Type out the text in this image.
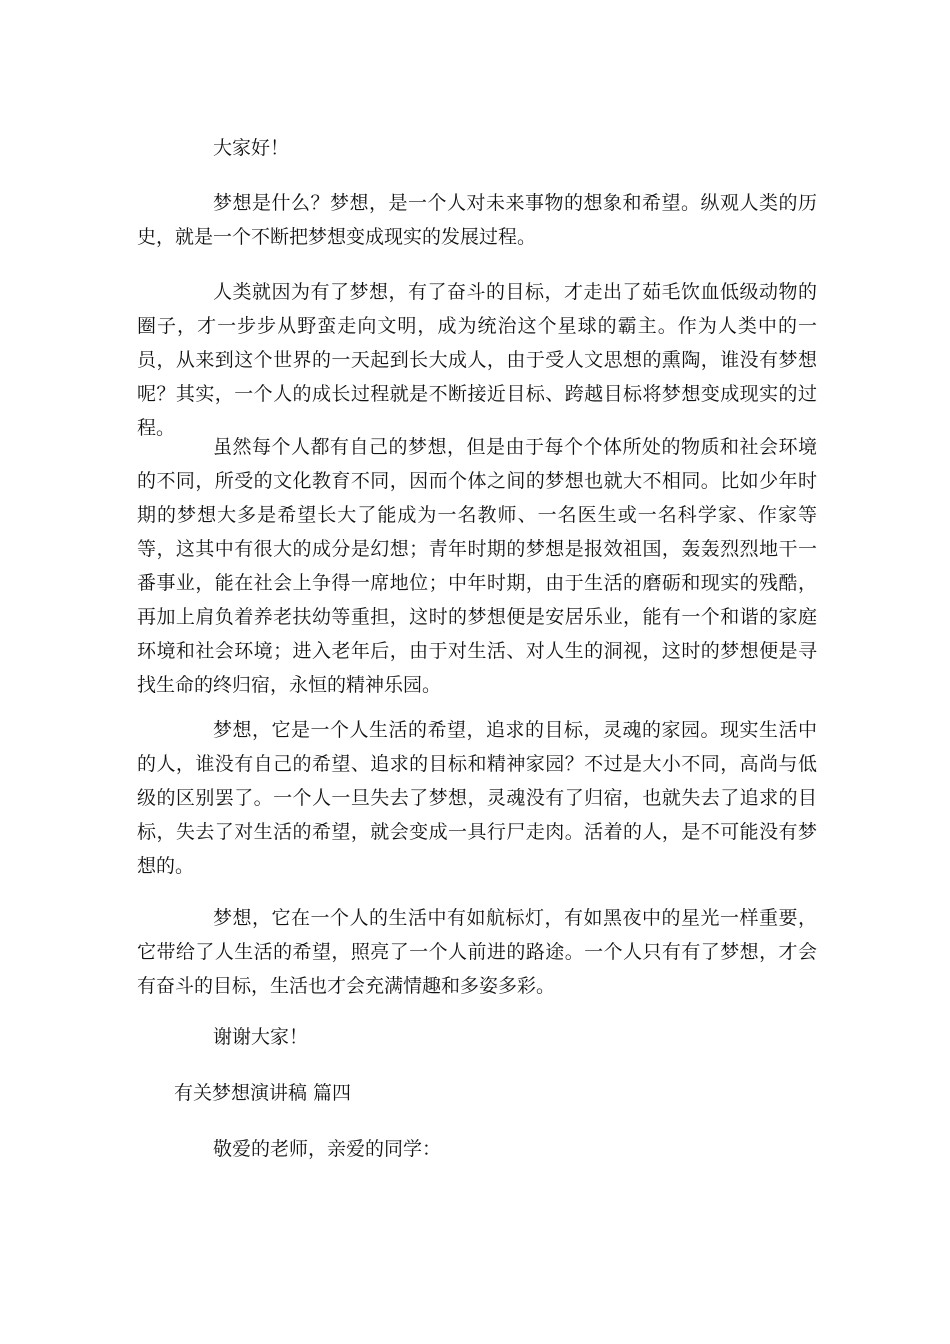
大家好！

梦想是什么？梦想，是一个人对未来事物的想象和希望。纵观人类的历史，就是一个不断把梦想变成现实的发展过程。

人类就因为有了梦想，有了奋斗的目标，才走出了茹毛饮血低级动物的圈子，才一步步从野蛮走向文明，成为统治这个星球的霸主。作为人类中的一员，从来到这个世界的一天起到长大成人，由于受人文思想的熏陶，谁没有梦想呢？其实，一个人的成长过程就是不断接近目标、跨越目标将梦想变成现实的过程。

虽然每个人都有自己的梦想，但是由于每个个体所处的物质和社会环境的不同，所受的文化教育不同，因而个体之间的梦想也就大不相同。比如少年时期的梦想大多是希望长大了能成为一名教师、一名医生或一名科学家、作家等等，这其中有很大的成分是幻想；青年时期的梦想是报效祖国，轰轰烈烈地干一番事业，能在社会上争得一席地位；中年时期，由于生活的磨砺和现实的残酷，再加上肩负着养老扶幼等重担，这时的梦想便是安居乐业，能有一个和谐的家庭环境和社会环境；进入老年后，由于对生活、对人生的洞视，这时的梦想便是寻找生命的终归宿，永恒的精神乐园。

梦想，它是一个人生活的希望，追求的目标，灵魂的家园。现实生活中的人，谁没有自己的希望、追求的目标和精神家园？不过是大小不同，高尚与低级的区别罢了。一个人一旦失去了梦想，灵魂没有了归宿，也就失去了追求的目标，失去了对生活的希望，就会变成一具行尸走肉。活着的人，是不可能没有梦想的。

梦想，它在一个人的生活中有如航标灯，有如黑夜中的星光一样重要，它带给了人生活的希望，照亮了一个人前进的路途。一个人只有有了梦想，才会有奋斗的目标，生活也才会充满情趣和多姿多彩。

谢谢大家！

有关梦想演讲稿 篇四

敬爱的老师，亲爱的同学：
